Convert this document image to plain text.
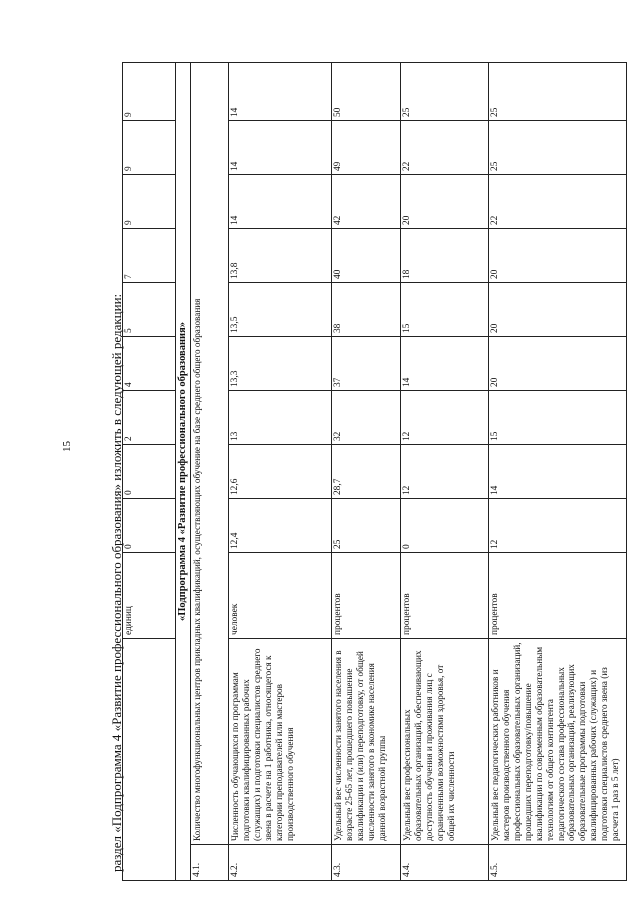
15	раздел «Подпрограмма 4 «Развитие профессионального образования» изложить в следующей редакции:
		единиц	0	0	2	4	5	7	9	9	9
«Подпрограмма 4 «Развитие профессионального образования»											
4.1.	Количество многофункциональных центров прикладных квалификаций, осуществляющих обучение на базе среднего общего образования										
4.2.	Численность обучающихся по программам подготовки квалифицированных рабочих (служащих) и подготовки специалистов среднего звена в расчете на 1 работника, относящегося к категории преподавателей или мастеров производственного обучения	человек	12,4	12,6	13	13,3	13,5	13,8	14	14	14
4.3.	Удельный вес численности занятого населения в возрасте 25-65 лет, прошедшего повышение квалификации и (или) переподготовку, от общей численности занятого в экономике населения данной возрастной группы	процентов	25	28,7	32	37	38	40	42	49	50
4.4.	Удельный вес профессиональных образовательных организаций, обеспечивающих доступность обучения и проживания лиц с ограниченными возможностями здоровья, от общей их численности	процентов	0	12	12	14	15	18	20	22	25
4.5.	Удельный вес педагогических работников и мастеров производственного обучения профессиональных образовательных организаций, прошедших переподготовку/повышение квалификации по современным образовательным технологиям от общего контингента педагогического состава профессиональных образовательных организаций, реализующих образовательные программы подготовки квалифицированных рабочих (служащих) и подготовки специалистов среднего звена (из расчета 1 раз в 5 лет)	процентов	12	14	15	20	20	20	22	25	25
